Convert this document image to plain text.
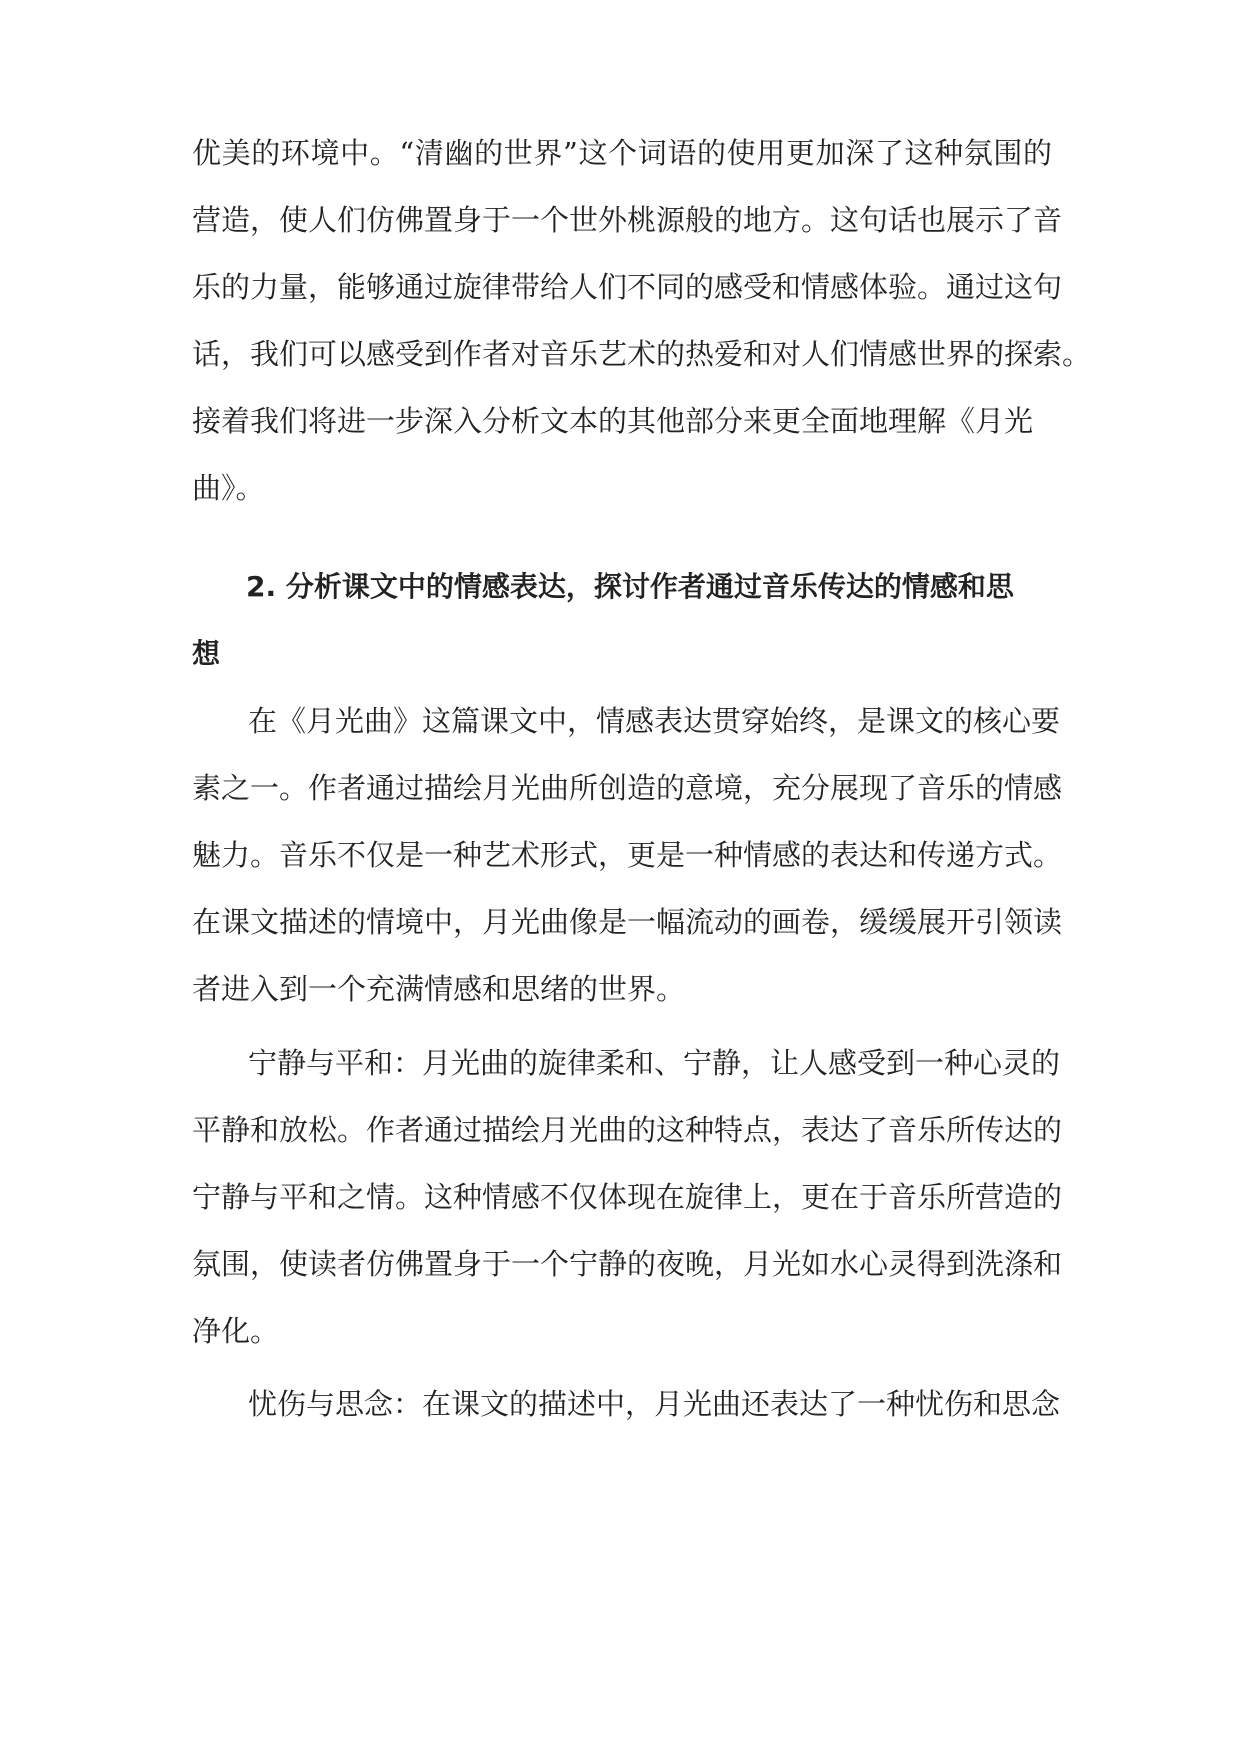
优美的环境中。“清幽的世界”这个词语的使用更加深了这种氛围的
营造，使人们仿佛置身于一个世外桃源般的地方。这句话也展示了音
乐的力量，能够通过旋律带给人们不同的感受和情感体验。通过这句
话，我们可以感受到作者对音乐艺术的热爱和对人们情感世界的探索。
接着我们将进一步深入分析文本的其他部分来更全面地理解《月光
曲》。
2. 分析课文中的情感表达，探讨作者通过音乐传达的情感和思
想
在《月光曲》这篇课文中，情感表达贯穿始终，是课文的核心要
素之一。作者通过描绘月光曲所创造的意境，充分展现了音乐的情感
魅力。音乐不仅是一种艺术形式，更是一种情感的表达和传递方式。
在课文描述的情境中，月光曲像是一幅流动的画卷，缓缓展开引领读
者进入到一个充满情感和思绪的世界。
宁静与平和：月光曲的旋律柔和、宁静，让人感受到一种心灵的
平静和放松。作者通过描绘月光曲的这种特点，表达了音乐所传达的
宁静与平和之情。这种情感不仅体现在旋律上，更在于音乐所营造的
氛围，使读者仿佛置身于一个宁静的夜晚，月光如水心灵得到洗涤和
净化。
忧伤与思念：在课文的描述中，月光曲还表达了一种忧伤和思念
